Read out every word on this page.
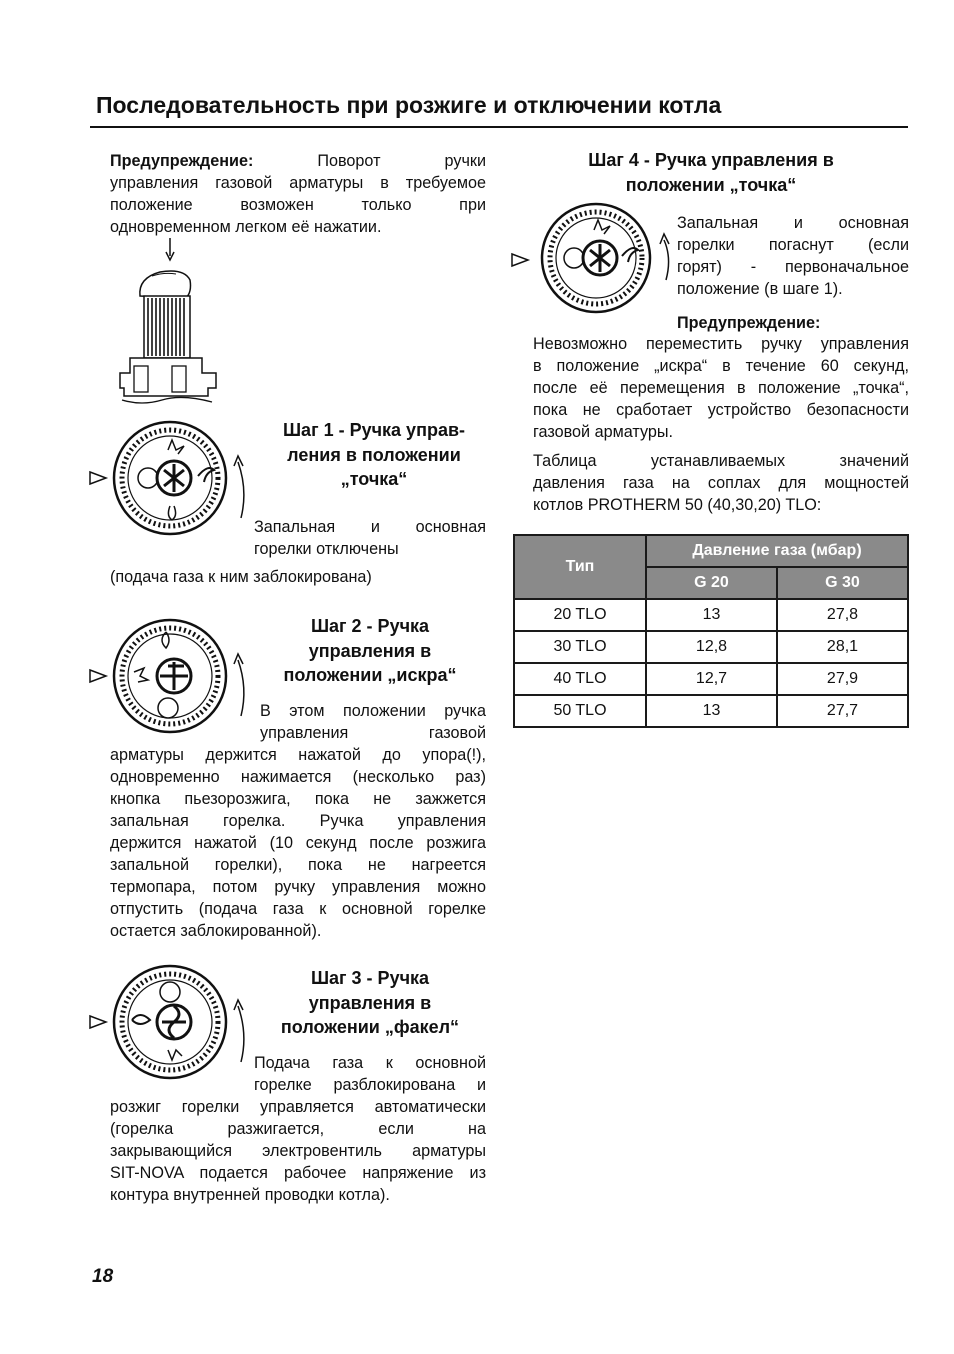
Последовательность при розжиге и отключении котла
Предупреждение:	Поворот ручки
управления газовой арматуры в требуемое
положение возможен только при
одновременном легком её нажатии.
Шаг 1 - Ручка управ-
ления в положении
„точка“
Запальная и основная
горелки отключены
(подача газа к ним заблокирована)
Шаг 2 - Ручка
управления в
положении „искра“
В этом положении ручка
управления газовой
арматуры держится нажатой до упора(!),
одновременно нажимается (несколько раз)
кнопка пьезорозжига, пока не зажжется
запальная горелка. Ручка управления
держится нажатой (10 секунд после розжига
запальной горелки), пока не нагреется
термопара, потом ручку управления можно
отпустить (подача газа к основной горелке
остается заблокированной).
Шаг 3 - Ручка
управления в
положении „факел“
Подача газа к основной
горелке разблокирована и
розжиг горелки управляется автоматически
(горелка разжигается, если на
закрывающийся электровентиль арматуры
SIT-NOVA подается рабочее напряжение из
контура внутренней проводки котла).
Шаг 4 - Ручка управления в
положении „точка“
Запальная и основная
горелки погаснут (если
горят) - первоначальное
положение (в шаге 1).
Предупреждение:
Невозможно переместить ручку управления
в положение „искра“ в течение 60 секунд,
после её перемещения в положение „точка“,
пока не сработает устройство безопасности
газовой арматуры.
Таблица устанавливаемых значений
давления газа на соплах для мощностей
котлов PROTHERM 50 (40,30,20) TLO:
Тип	Давление газа (мбар)	
	G 20	G 30
20 TLO	13	27,8
30 TLO	12,8	28,1
40 TLO	12,7	27,9
50 TLO	13	27,7
18
